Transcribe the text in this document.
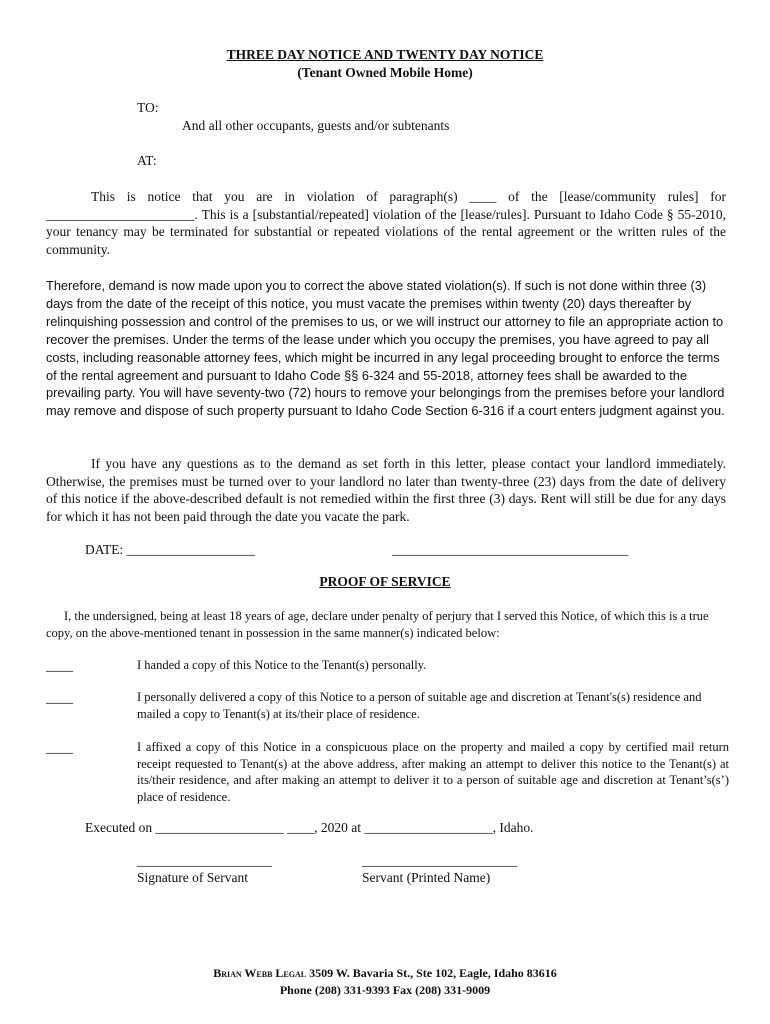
THREE DAY NOTICE AND TWENTY DAY NOTICE
(Tenant Owned Mobile Home)
TO:
And all other occupants, guests and/or subtenants
AT:
This is notice that you are in violation of paragraph(s) ____ of the [lease/community rules] for
______________________. This is a [substantial/repeated] violation of the [lease/rules]. Pursuant to Idaho Code § 55-2010, your tenancy may be terminated for substantial or repeated violations of the rental agreement or the written rules of the community.
Therefore, demand is now made upon you to correct the above stated violation(s). If such is not done within three (3) days from the date of the receipt of this notice, you must vacate the premises within twenty (20) days thereafter by relinquishing possession and control of the premises to us, or we will instruct our attorney to file an appropriate action to recover the premises. Under the terms of the lease under which you occupy the premises, you have agreed to pay all costs, including reasonable attorney fees, which might be incurred in any legal proceeding brought to enforce the terms of the rental agreement and pursuant to Idaho Code §§ 6-324 and 55-2018, attorney fees shall be awarded to the prevailing party. You will have seventy-two (72) hours to remove your belongings from the premises before your landlord may remove and dispose of such property pursuant to Idaho Code Section 6-316 if a court enters judgment against you.
If you have any questions as to the demand as set forth in this letter, please contact your landlord immediately. Otherwise, the premises must be turned over to your landlord no later than twenty-three (23) days from the date of delivery of this notice if the above-described default is not remedied within the first three (3) days. Rent will still be due for any days for which it has not been paid through the date you vacate the park.
DATE: ___________________	___________________________________
PROOF OF SERVICE
I, the undersigned, being at least 18 years of age, declare under penalty of perjury that I served this Notice, of which this is a true copy, on the above-mentioned tenant in possession in the same manner(s) indicated below:
____	I handed a copy of this Notice to the Tenant(s) personally.
____	I personally delivered a copy of this Notice to a person of suitable age and discretion at Tenant's(s) residence and mailed a copy to Tenant(s) at its/their place of residence.
____	I affixed a copy of this Notice in a conspicuous place on the property and mailed a copy by certified mail return receipt requested to Tenant(s) at the above address, after making an attempt to deliver this notice to the Tenant(s) at its/their residence, and after making an attempt to deliver it to a person of suitable age and discretion at Tenant’s(s’) place of residence.
Executed on ___________________ ____, 2020 at ___________________, Idaho.
____________________
Signature of Servant
_______________________
Servant (Printed Name)
Brian Webb Legal 3509 W. Bavaria St., Ste 102, Eagle, Idaho 83616
Phone (208) 331-9393 Fax (208) 331-9009
